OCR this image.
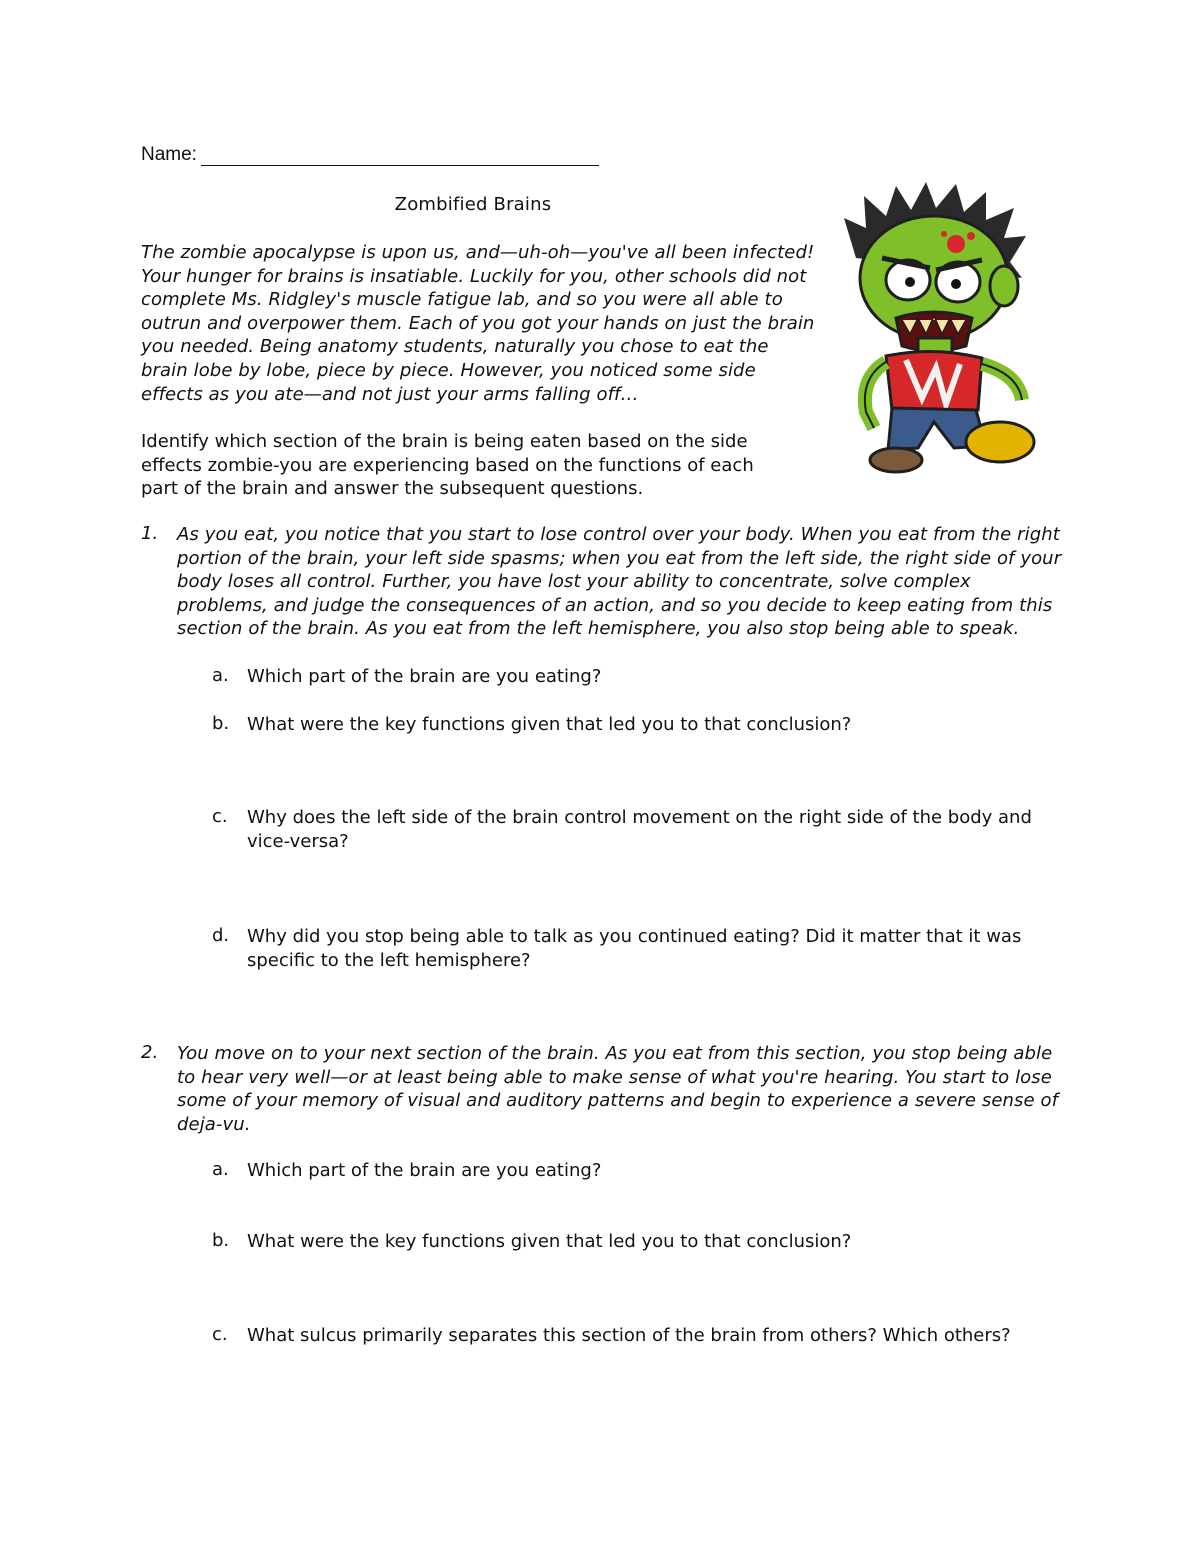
Name:
Zombified Brains
The zombie apocalypse is upon us, and—uh-oh—you've all been infected! Your hunger for brains is insatiable. Luckily for you, other schools did not complete Ms. Ridgley's muscle fatigue lab, and so you were all able to outrun and overpower them. Each of you got your hands on just the brain you needed. Being anatomy students, naturally you chose to eat the brain lobe by lobe, piece by piece. However, you noticed some side effects as you ate—and not just your arms falling off…
Identify which section of the brain is being eaten based on the side effects zombie-you are experiencing based on the functions of each part of the brain and answer the subsequent questions.
1. As you eat, you notice that you start to lose control over your body. When you eat from the right portion of the brain, your left side spasms; when you eat from the left side, the right side of your body loses all control. Further, you have lost your ability to concentrate, solve complex problems, and judge the consequences of an action, and so you decide to keep eating from this section of the brain. As you eat from the left hemisphere, you also stop being able to speak.
a. Which part of the brain are you eating?
b. What were the key functions given that led you to that conclusion?
c. Why does the left side of the brain control movement on the right side of the body and vice-versa?
d. Why did you stop being able to talk as you continued eating? Did it matter that it was specific to the left hemisphere?
2. You move on to your next section of the brain. As you eat from this section, you stop being able to hear very well—or at least being able to make sense of what you're hearing. You start to lose some of your memory of visual and auditory patterns and begin to experience a severe sense of deja-vu.
a. Which part of the brain are you eating?
b. What were the key functions given that led you to that conclusion?
c. What sulcus primarily separates this section of the brain from others? Which others?
